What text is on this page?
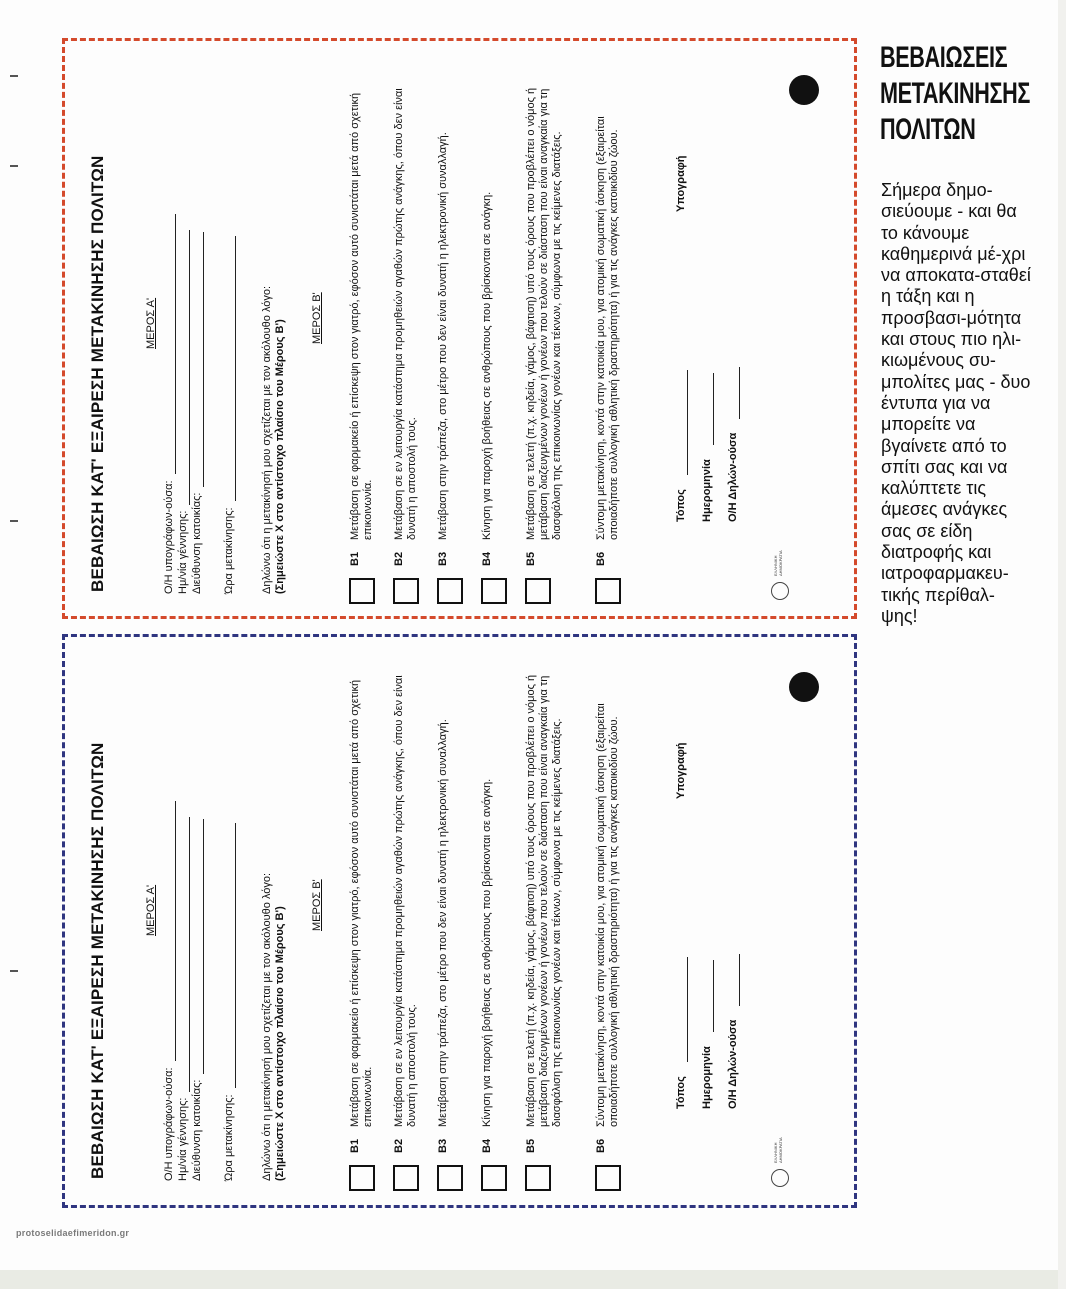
ΒΕΒΑΙΩΣΗ ΚΑΤ' ΕΞΑΙΡΕΣΗ ΜΕΤΑΚΙΝΗΣΗΣ ΠΟΛΙΤΩΝ	ΜΕΡΟΣ Α'
Ο/Η υπογράφων-ούσα: Ημ/νία γέννησης: Διεύθυνση κατοικίας: Ώρα μετακίνησης: Δηλώνω ότι η μετακίνησή μου σχετίζεται με τον ακόλουθο λόγο: (Σημειώστε Χ στο αντίστοιχο πλαίσιο του Μέρους Β')
ΜΕΡΟΣ Β'
Β1
Μετάβαση σε φαρμακείο ή επίσκεψη στον γιατρό, εφόσον αυτό συνιστάται μετά από σχετική επικοινωνία.
Β2
Μετάβαση σε εν λειτουργία κατάστημα προμηθειών αγαθών πρώτης ανάγκης, όπου δεν είναι δυνατή η αποστολή τους.
Β3
Μετάβαση στην τράπεζα, στο μέτρο που δεν είναι δυνατή η ηλεκτρονική συναλλαγή.
Β4
Κίνηση για παροχή βοήθειας σε ανθρώπους που βρίσκονται σε ανάγκη.
Β5
Μετάβαση σε τελετή (π.χ. κηδεία, γάμος, βάφτιση) υπό τους όρους που προβλέπει ο νόμος ή μετάβαση διαζευγμένων γονέων ή γονέων που τελούν σε διάσταση που είναι αναγκαία για τη διασφάλιση της επικοινωνίας γονέων και τέκνων, σύμφωνα με τις κείμενες διατάξεις.
Β6
Σύντομη μετακίνηση, κοντά στην κατοικία μου, για ατομική σωματική άσκηση (εξαιρείται οποιαδήποτε συλλογική αθλητική δραστηριότητα) ή για τις ανάγκες κατοικιδίου ζώου.	Τόπος Ημερομηνία Ο/Η Δηλών-ούσα
Υπογραφή
ΕΛΛΗΝΙΚΗ ΔΗΜΟΚΡΑΤΙΑ
ΒΕΒΑΙΩΣΗ ΚΑΤ' ΕΞΑΙΡΕΣΗ ΜΕΤΑΚΙΝΗΣΗΣ ΠΟΛΙΤΩΝ	ΜΕΡΟΣ Α'
Ο/Η υπογράφων-ούσα: Ημ/νία γέννησης: Διεύθυνση κατοικίας: Ώρα μετακίνησης: Δηλώνω ότι η μετακίνησή μου σχετίζεται με τον ακόλουθο λόγο: (Σημειώστε Χ στο αντίστοιχο πλαίσιο του Μέρους Β')
ΜΕΡΟΣ Β'
Β1
Μετάβαση σε φαρμακείο ή επίσκεψη στον γιατρό, εφόσον αυτό συνιστάται μετά από σχετική επικοινωνία.
Β2
Μετάβαση σε εν λειτουργία κατάστημα προμηθειών αγαθών πρώτης ανάγκης, όπου δεν είναι δυνατή η αποστολή τους.
Β3
Μετάβαση στην τράπεζα, στο μέτρο που δεν είναι δυνατή η ηλεκτρονική συναλλαγή.
Β4
Κίνηση για παροχή βοήθειας σε ανθρώπους που βρίσκονται σε ανάγκη.
Β5
Μετάβαση σε τελετή (π.χ. κηδεία, γάμος, βάφτιση) υπό τους όρους που προβλέπει ο νόμος ή μετάβαση διαζευγμένων γονέων ή γονέων που τελούν σε διάσταση που είναι αναγκαία για τη διασφάλιση της επικοινωνίας γονέων και τέκνων, σύμφωνα με τις κείμενες διατάξεις.
Β6
Σύντομη μετακίνηση, κοντά στην κατοικία μου, για ατομική σωματική άσκηση (εξαιρείται οποιαδήποτε συλλογική αθλητική δραστηριότητα) ή για τις ανάγκες κατοικιδίου ζώου.	Τόπος Ημερομηνία Ο/Η Δηλών-ούσα
Υπογραφή
ΕΛΛΗΝΙΚΗ ΔΗΜΟΚΡΑΤΙΑ
ΒΕΒΑΙΩΣΕΙΣ
ΜΕΤΑΚΙΝΗΣΗΣ
ΠΟΛΙΤΩΝ
Σήμερα δημο-σιεύουμε - και θα το κάνουμε καθημερινά μέ-χρι να αποκατα-σταθεί η τάξη και η προσβασι-μότητα και στους πιο ηλι-κιωμένους συ-μπολίτες μας - δυο έντυπα για να μπορείτε να βγαίνετε από το σπίτι σας και να καλύπτετε τις άμεσες ανάγκες σας σε είδη διατροφής και ιατροφαρμακευ-τικής περίθαλ-ψης!
protoselidaefimeridon.gr
